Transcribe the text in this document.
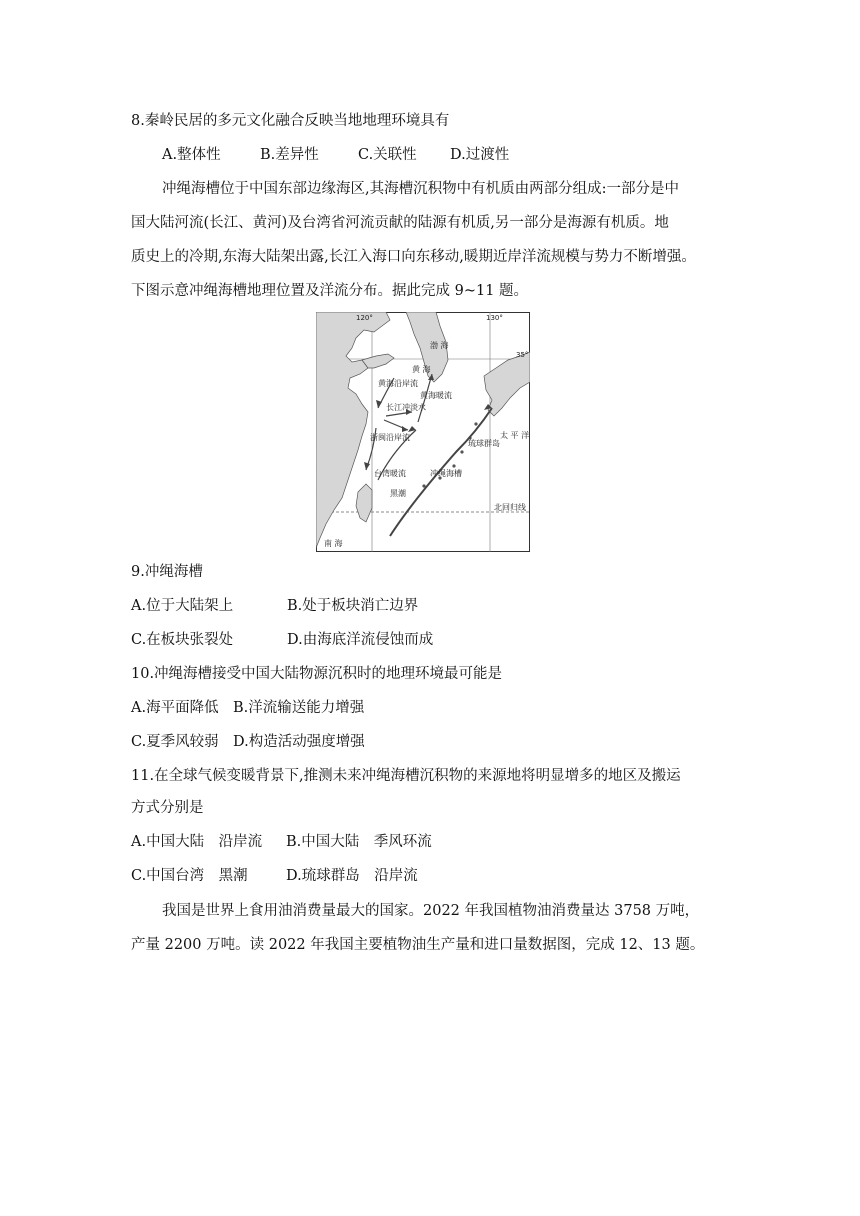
8.秦岭民居的多元文化融合反映当地地理环境具有
A.整体性	B.差异性	C.关联性 D.过渡性
冲绳海槽位于中国东部边缘海区,其海槽沉积物中有机质由两部分组成:一部分是中
国大陆河流(长江、黄河)及台湾省河流贡献的陆源有机质,另一部分是海源有机质。地
质史上的冷期,东海大陆架出露,长江入海口向东移动,暖期近岸洋流规模与势力不断增强。
下图示意冲绳海槽地理位置及洋流分布。据此完成 9~11 题。
120°	130°
35°
渤 海
黄 海
黄海沿岸流
黄海暖流
长江冲淡水
浙闽沿岸流
台湾暖流
黑潮
冲绳海槽
琉球群岛
太 平 洋
北回归线
南 海
9.冲绳海槽
A.位于大陆架上	B.处于板块消亡边界
C.在板块张裂处	D.由海底洋流侵蚀而成
10.冲绳海槽接受中国大陆物源沉积时的地理环境最可能是
A.海平面降低 B.洋流输送能力增强
C.夏季风较弱 D.构造活动强度增强
11.在全球气候变暖背景下,推测未来冲绳海槽沉积物的来源地将明显增多的地区及搬运
方式分别是
A.中国大陆　沿岸流 B.中国大陆　季风环流
C.中国台湾　黑潮	D.琉球群岛　沿岸流
我国是世界上食用油消费量最大的国家。2022 年我国植物油消费量达 3758 万吨，
产量 2200 万吨。读 2022 年我国主要植物油生产量和进口量数据图，完成 12、13 题。
